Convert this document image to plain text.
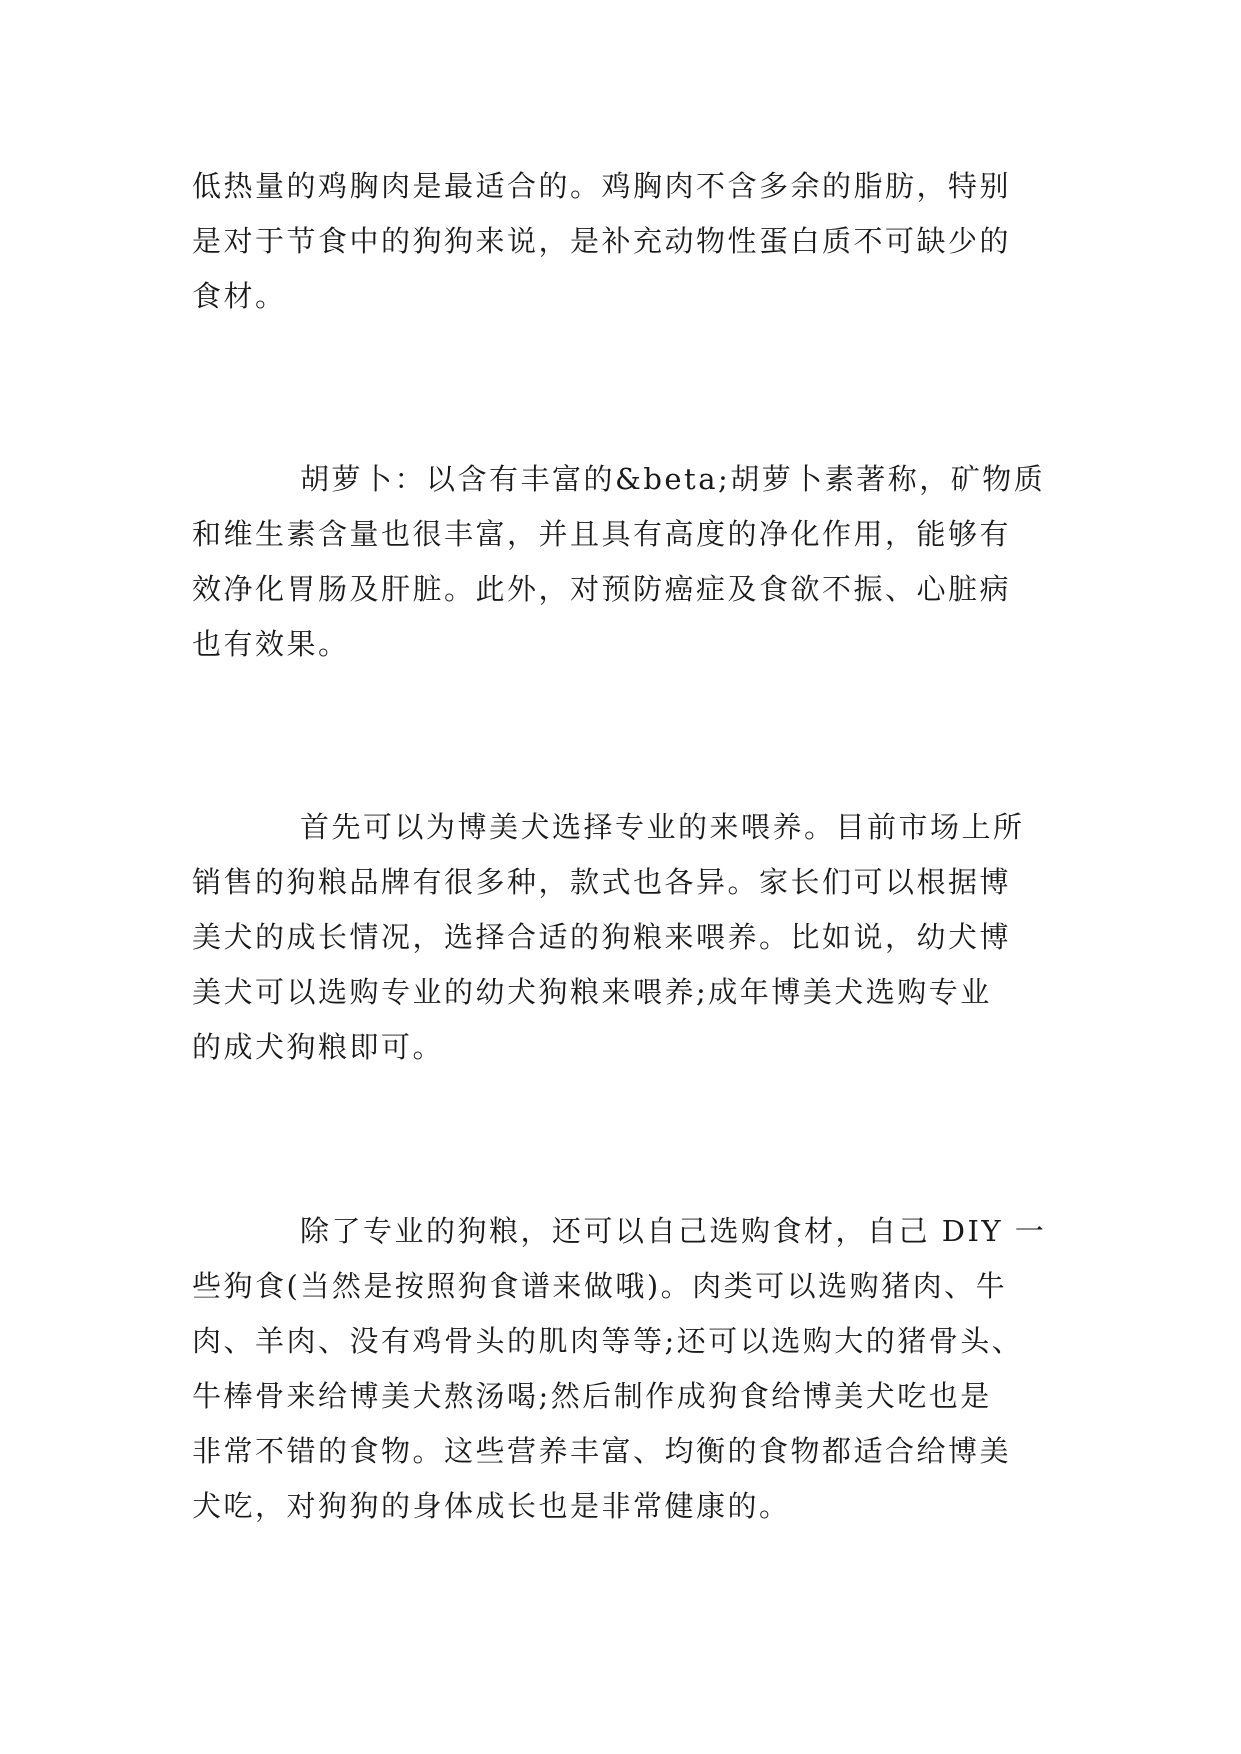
低热量的鸡胸肉是最适合的。鸡胸肉不含多余的脂肪，特别
是对于节食中的狗狗来说，是补充动物性蛋白质不可缺少的
食材。
胡萝卜：以含有丰富的&beta;胡萝卜素著称，矿物质
和维生素含量也很丰富，并且具有高度的净化作用，能够有
效净化胃肠及肝脏。此外，对预防癌症及食欲不振、心脏病
也有效果。
首先可以为博美犬选择专业的来喂养。目前市场上所
销售的狗粮品牌有很多种，款式也各异。家长们可以根据博
美犬的成长情况，选择合适的狗粮来喂养。比如说，幼犬博
美犬可以选购专业的幼犬狗粮来喂养;成年博美犬选购专业
的成犬狗粮即可。
除了专业的狗粮，还可以自己选购食材，自己 DIY 一
些狗食(当然是按照狗食谱来做哦)。肉类可以选购猪肉、牛
肉、羊肉、没有鸡骨头的肌肉等等;还可以选购大的猪骨头、
牛棒骨来给博美犬熬汤喝;然后制作成狗食给博美犬吃也是
非常不错的食物。这些营养丰富、均衡的食物都适合给博美
犬吃，对狗狗的身体成长也是非常健康的。
